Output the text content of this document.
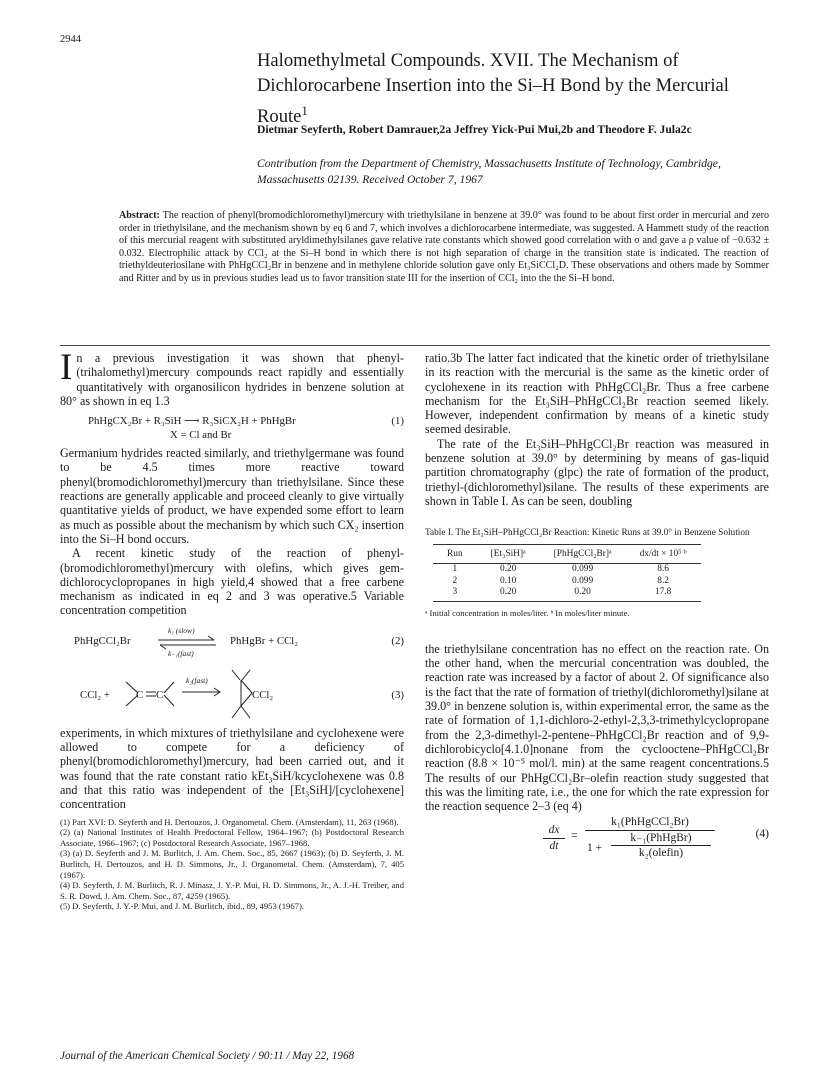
2944
Halomethylmetal Compounds. XVII. The Mechanism of Dichlorocarbene Insertion into the Si–H Bond by the Mercurial Route$^1$
Dietmar Seyferth, Robert Damrauer,2a Jeffrey Yick-Pui Mui,2b and Theodore F. Jula2c
Contribution from the Department of Chemistry, Massachusetts Institute of Technology, Cambridge, Massachusetts 02139. Received October 7, 1967
Abstract: The reaction of phenyl(bromodichloromethyl)mercury with triethylsilane in benzene at 39.0° was found to be about first order in mercurial and zero order in triethylsilane, and the mechanism shown by eq 6 and 7, which involves a dichlorocarbene intermediate, was suggested. A Hammett study of the reaction of this mercurial reagent with substituted aryldimethylsilanes gave relative rate constants which showed good correlation with σ and gave a ρ value of −0.632 ± 0.032. Electrophilic attack by CCl₂ at the Si–H bond in which there is not high separation of charge in the transition state is indicated. The reaction of triethyldeuteriosilane with PhHgCCl₂Br in benzene and in methylene chloride solution gave only Et₃SiCCl₂D. These observations and others made by Sommer and Ritter and by us in previous studies lead us to favor transition state III for the insertion of CCl₂ into the the Si–H bond.

In a previous investigation it was shown that phenyl-(trihalomethyl)mercury compounds react rapidly and essentially quantitatively with organosilicon hydrides in benzene solution at 80° as shown in eq 1.3

PhHgCX₂Br + R₃SiH ⟶ R₃SiCX₂H + PhHgBr
X = Cl and Br
(1)

Germanium hydrides reacted similarly, and triethylgermane was found to be 4.5 times more reactive toward phenyl(bromodichloromethyl)mercury than triethylsilane. Since these reactions are generally applicable and proceed cleanly to give virtually quantitative yields of product, we have expended some effort to learn as much as possible about the mechanism by which such CX₂ insertion into the Si–H bond occurs.

A recent kinetic study of the reaction of phenyl-(bromodichloromethyl)mercury with olefins, which gives gem-dichlorocyclopropanes in high yield,4 showed that a free carbene mechanism as indicated in eq 2 and 3 was operative.5 Variable concentration competition

PhHgCCl₂Br
k₁ (slow)
k₋₁(fast)
PhHgBr + CCl₂	(2)
CCl₂ + C C →
k₂(fast)
CCl₂	(3)

experiments, in which mixtures of triethylsilane and cyclohexene were allowed to compete for a deficiency of phenyl(bromodichloromethyl)mercury, had been carried out, and it was found that the rate constant ratio kEt₃SiH/kcyclohexene was 0.8 and that this ratio was independent of the [Et₃SiH]/[cyclohexene] concentration

(1) Part XVI: D. Seyferth and H. Dertouzos, J. Organometal. Chem. (Amsterdam), 11, 263 (1968).

(2) (a) National Institutes of Health Predoctoral Fellow, 1964–1967; (b) Postdoctoral Research Associate, 1966–1967; (c) Postdoctoral Research Associate, 1967–1968.

(3) (a) D. Seyferth and J. M. Burlitch, J. Am. Chem. Soc., 85, 2667 (1963); (b) D. Seyferth, J. M. Burlitch, H. Dertouzos, and H. D. Simmons, Jr., J. Organometal. Chem. (Amsterdam), 7, 405 (1967).

(4) D. Seyferth, J. M. Burlitch, R. J. Minasz, J. Y.-P. Mui, H. D. Simmons, Jr., A. J.-H. Treiber, and S. R. Dowd, J. Am. Chem. Soc., 87, 4259 (1965).

(5) D. Seyferth, J. Y.-P. Mui, and J. M. Burlitch, ibid., 89, 4953 (1967).

ratio.3b The latter fact indicated that the kinetic order of triethylsilane in its reaction with the mercurial is the same as the kinetic order of cyclohexene in its reaction with PhHgCCl₂Br. Thus a free carbene mechanism for the Et₃SiH–PhHgCCl₂Br reaction seemed likely. However, independent confirmation by means of a kinetic study seemed desirable.

The rate of the Et₃SiH–PhHgCCl₂Br reaction was measured in benzene solution at 39.0° by determining by means of gas-liquid partition chromatography (glpc) the rate of formation of the product, triethyl-(dichloromethyl)silane. The results of these experiments are shown in Table I. As can be seen, doubling

Table I. The Et₃SiH–PhHgCCl₂Br Reaction: Kinetic Runs at 39.0° in Benzene Solution
Run	[Et₃SiH]ᵃ	[PhHgCCl₂Br]ᵃ	dx/dt × 10⁵ ᵇ
1	0.20	0.099	8.6
2	0.10	0.099	8.2
3	0.20	0.20	17.8
ᵃ Initial concentration in moles/liter. ᵇ In moles/liter minute.

the triethylsilane concentration has no effect on the reaction rate. On the other hand, when the mercurial concentration was doubled, the reaction rate was increased by a factor of about 2. Of significance also is the fact that the rate of formation of triethyl(dichloromethyl)silane at 39.0° in benzene solution is, within experimental error, the same as the rate of formation of 1,1-dichloro-2-ethyl-2,3,3-trimethylcyclopropane from the 2,3-dimethyl-2-pentene–PhHgCCl₂Br reaction and of 9,9-dichlorobicyclo[4.1.0]nonane from the cyclooctene–PhHgCCl₂Br reaction (8.8 × 10⁻⁵ mol/l. min) at the same reagent concentrations.5 The results of our PhHgCCl₂Br–olefin reaction study suggested that this was the limiting rate, i.e., the one for which the rate expression for the reaction sequence 2–3 (eq 4)

$\frac{dx}{dt}$ =
k₁(PhHgCCl₂Br)
1 +
k₋₁(PhHgBr)
k₂(olefin)
(4)
Journal of the American Chemical Society / 90:11 / May 22, 1968
